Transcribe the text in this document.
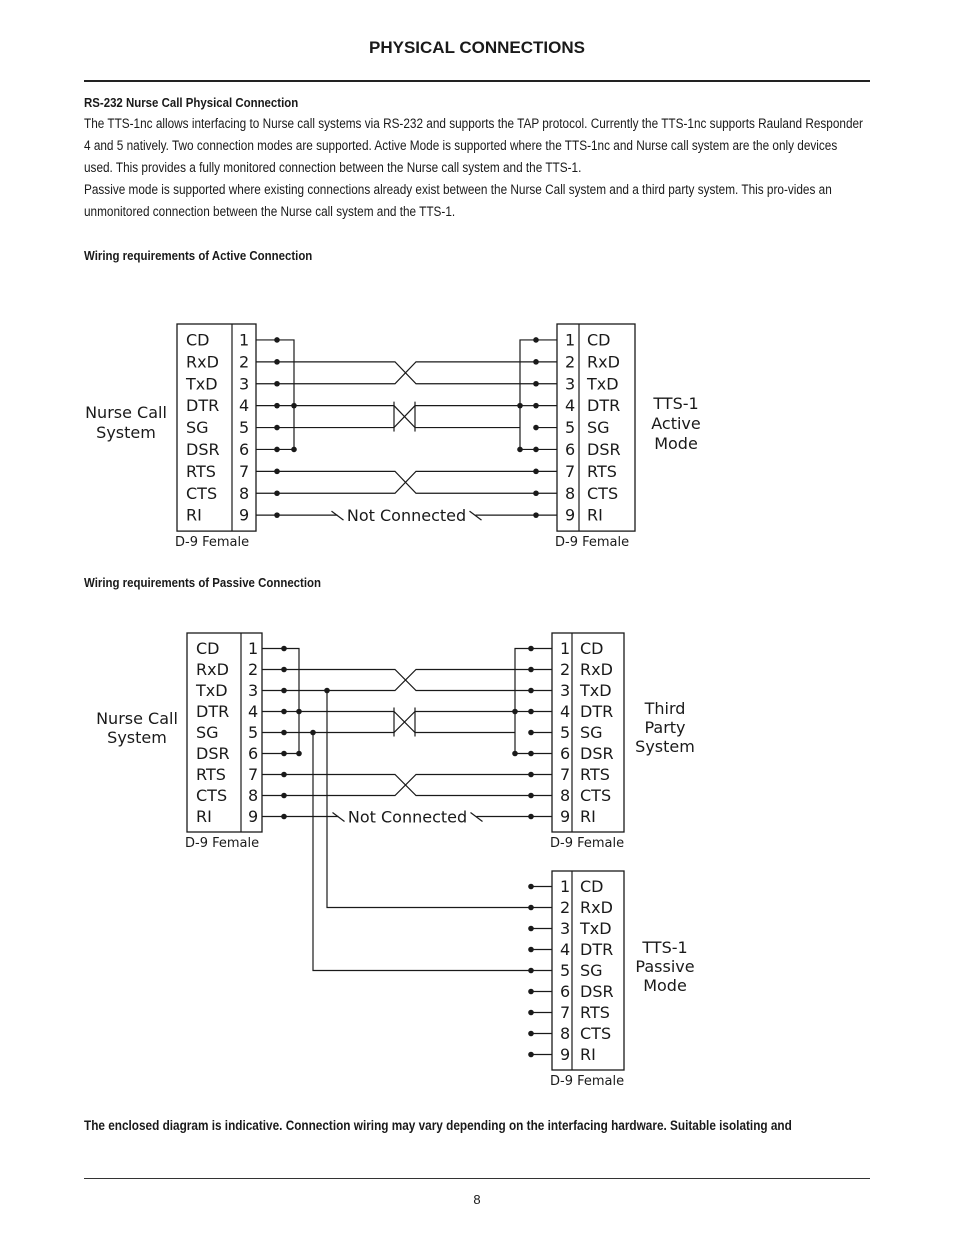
PHYSICAL CONNECTIONS
RS-232 Nurse Call Physical Connection

The TTS-1nc allows interfacing to Nurse call systems via RS-232 and supports the TAP protocol. Currently the TTS-1nc supports Rauland Responder 4 and 5 natively. Two connection modes are supported. Active Mode is supported where the TTS-1nc and Nurse call system are the only devices used. This provides a fully monitored connection between the Nurse call system and the TTS-1.

Passive mode is supported where existing connections already exist between the Nurse Call system and a third party system. This pro-vides an unmonitored connection between the Nurse call system and the TTS-1.

Wiring requirements of Active Connection
Wiring requirements of Passive Connection
CD 1
RxD 2
TxD 3
DTR 4
SG 5
DSR 6
RTS 7
CTS 8
RI 9
D-9 Female
CD
1
RxD
2
TxD
3
DTR
4
SG
5
DSR
6
RTS
7
CTS
8
RI
9
D-9 Female
Not Connected
Nurse Call
System
TTS-1
Active
Mode
CD 1
RxD 2
TxD 3
DTR 4
SG 5
DSR 6
RTS 7
CTS 8
RI 9
D-9 Female
CD
1
RxD
2
TxD
3
DTR
4
SG
5
DSR
6
RTS
7
CTS
8
RI
9
D-9 Female
CD
1
RxD
2
TxD
3
DTR
4
SG
5
DSR
6
RTS
7
CTS
8
RI
9
D-9 Female
Not Connected
Nurse Call
System
Third
Party
System
TTS-1
Passive
Mode
The enclosed diagram is indicative. Connection wiring may vary depending on the interfacing hardware. Suitable isolating and
8
